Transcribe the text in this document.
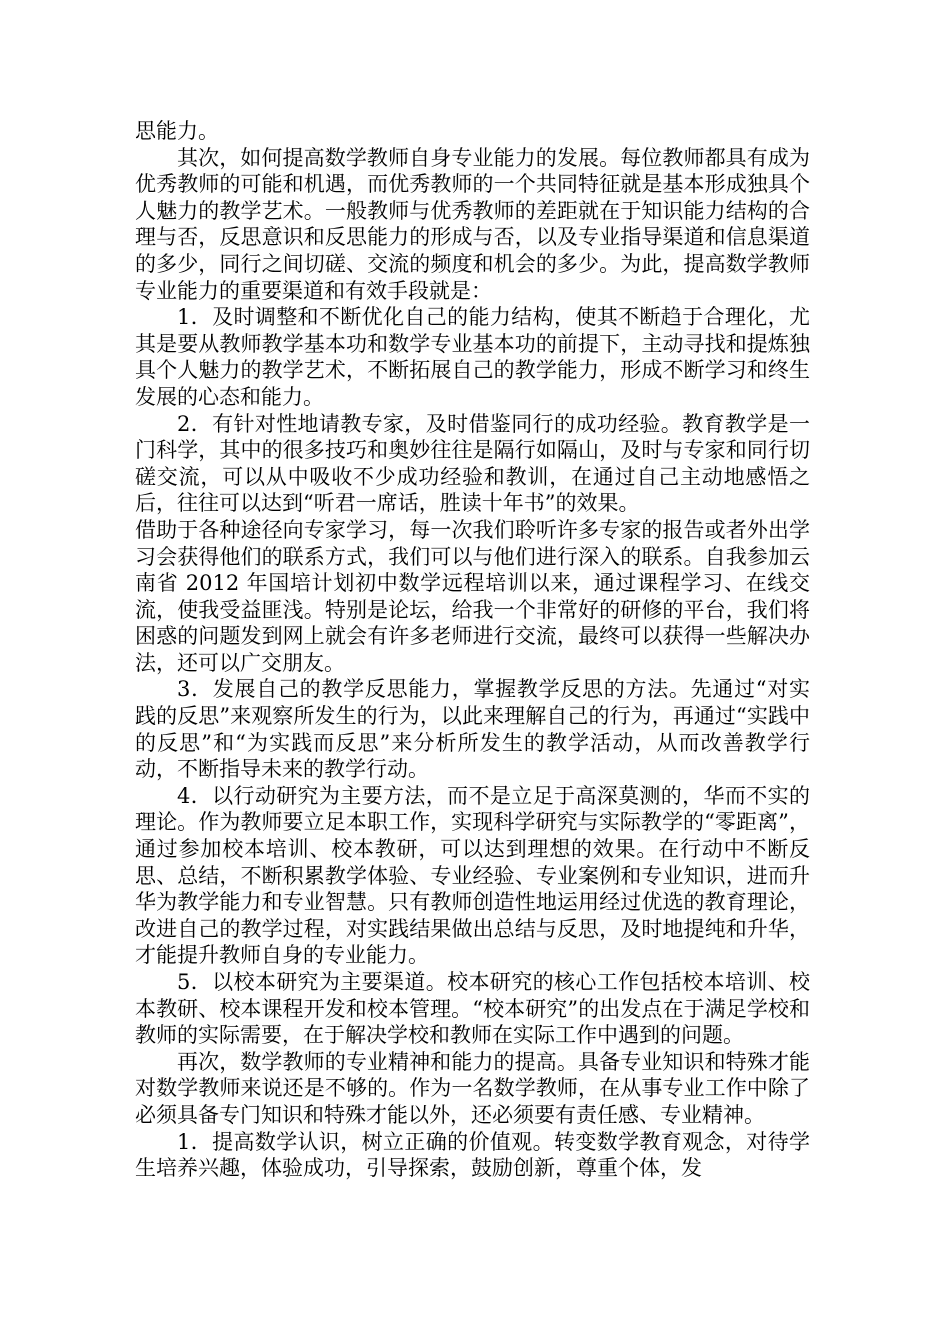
思能力。

其次，如何提高数学教师自身专业能力的发展。每位教师都具有成为优秀教师的可能和机遇，而优秀教师的一个共同特征就是基本形成独具个人魅力的教学艺术。一般教师与优秀教师的差距就在于知识能力结构的合理与否，反思意识和反思能力的形成与否，以及专业指导渠道和信息渠道的多少，同行之间切磋、交流的频度和机会的多少。为此，提高数学教师专业能力的重要渠道和有效手段就是：

1．及时调整和不断优化自己的能力结构，使其不断趋于合理化，尤其是要从教师教学基本功和数学专业基本功的前提下，主动寻找和提炼独具个人魅力的教学艺术，不断拓展自己的教学能力，形成不断学习和终生发展的心态和能力。

2．有针对性地请教专家，及时借鉴同行的成功经验。教育教学是一门科学，其中的很多技巧和奥妙往往是隔行如隔山，及时与专家和同行切磋交流，可以从中吸收不少成功经验和教训，在通过自己主动地感悟之后，往往可以达到“听君一席话，胜读十年书”的效果。

借助于各种途径向专家学习，每一次我们聆听许多专家的报告或者外出学习会获得他们的联系方式，我们可以与他们进行深入的联系。自我参加云南省 2012 年国培计划初中数学远程培训以来，通过课程学习、在线交流，使我受益匪浅。特别是论坛，给我一个非常好的研修的平台，我们将困惑的问题发到网上就会有许多老师进行交流，最终可以获得一些解决办法，还可以广交朋友。

3．发展自己的教学反思能力，掌握教学反思的方法。先通过“对实践的反思”来观察所发生的行为，以此来理解自己的行为，再通过“实践中的反思”和“为实践而反思”来分析所发生的教学活动，从而改善教学行动，不断指导未来的教学行动。

4．以行动研究为主要方法，而不是立足于高深莫测的，华而不实的理论。作为教师要立足本职工作，实现科学研究与实际教学的“零距离”，通过参加校本培训、校本教研，可以达到理想的效果。在行动中不断反思、总结，不断积累教学体验、专业经验、专业案例和专业知识，进而升华为教学能力和专业智慧。只有教师创造性地运用经过优选的教育理论，改进自己的教学过程，对实践结果做出总结与反思，及时地提纯和升华，才能提升教师自身的专业能力。

5．以校本研究为主要渠道。校本研究的核心工作包括校本培训、校本教研、校本课程开发和校本管理。“校本研究”的出发点在于满足学校和教师的实际需要，在于解决学校和教师在实际工作中遇到的问题。

再次，数学教师的专业精神和能力的提高。具备专业知识和特殊才能对数学教师来说还是不够的。作为一名数学教师，在从事专业工作中除了必须具备专门知识和特殊才能以外，还必须要有责任感、专业精神。

1．提高数学认识，树立正确的价值观。转变数学教育观念，对待学生培养兴趣，体验成功，引导探索，鼓励创新，尊重个体，发
